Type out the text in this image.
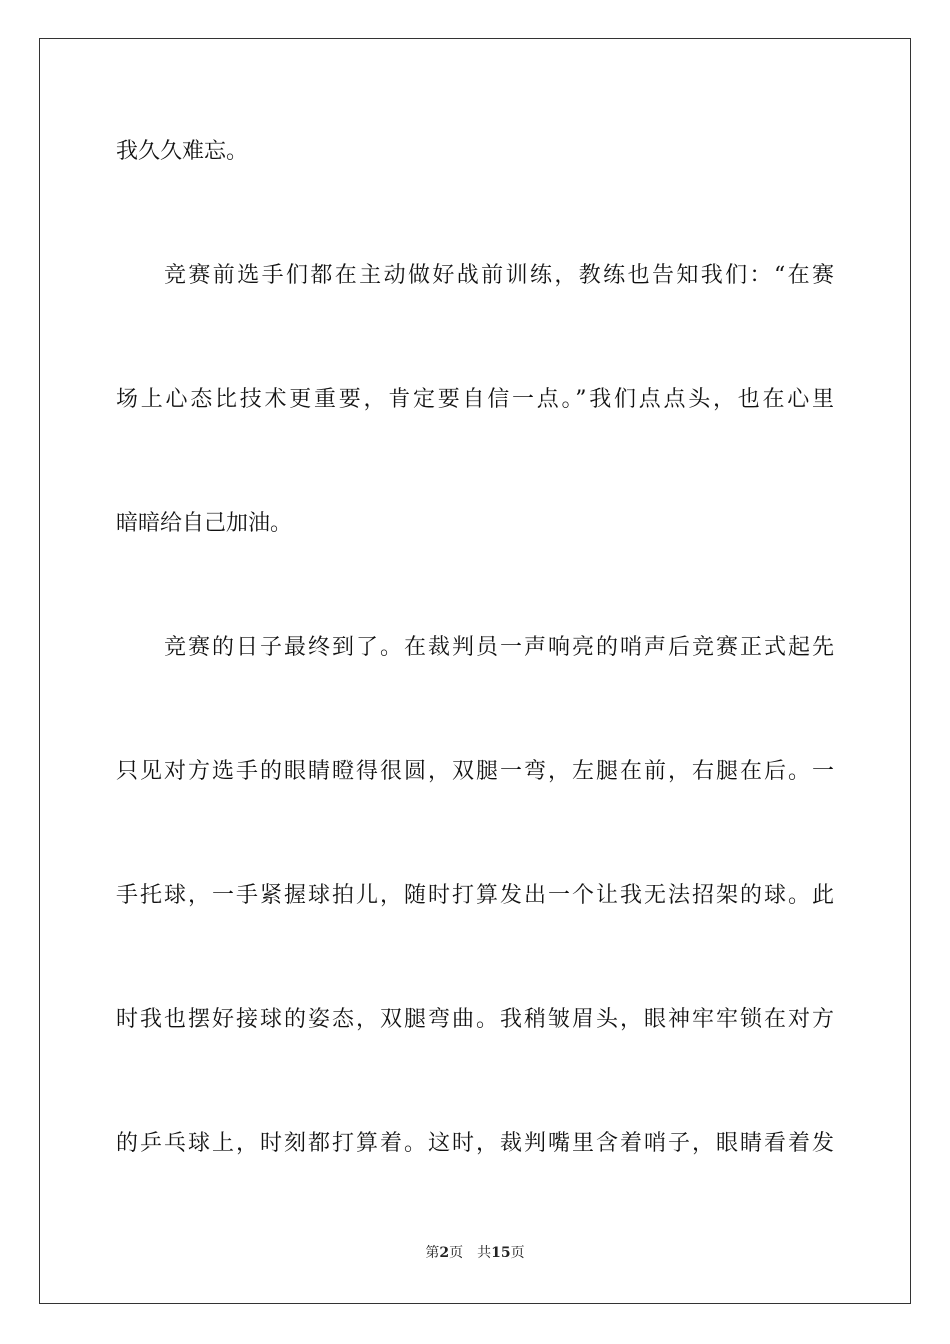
我久久难忘。
竞赛前选手们都在主动做好战前训练，教练也告知我们：“在赛
场上心态比技术更重要，肯定要自信一点。”我们点点头，也在心里
暗暗给自己加油。
竞赛的日子最终到了。在裁判员一声响亮的哨声后竞赛正式起先
只见对方选手的眼睛瞪得很圆，双腿一弯，左腿在前，右腿在后。一
手托球，一手紧握球拍儿，随时打算发出一个让我无法招架的球。此
时我也摆好接球的姿态，双腿弯曲。我稍皱眉头，眼神牢牢锁在对方
的乒乓球上，时刻都打算着。这时，裁判嘴里含着哨子，眼睛看着发
第2页 共15页
